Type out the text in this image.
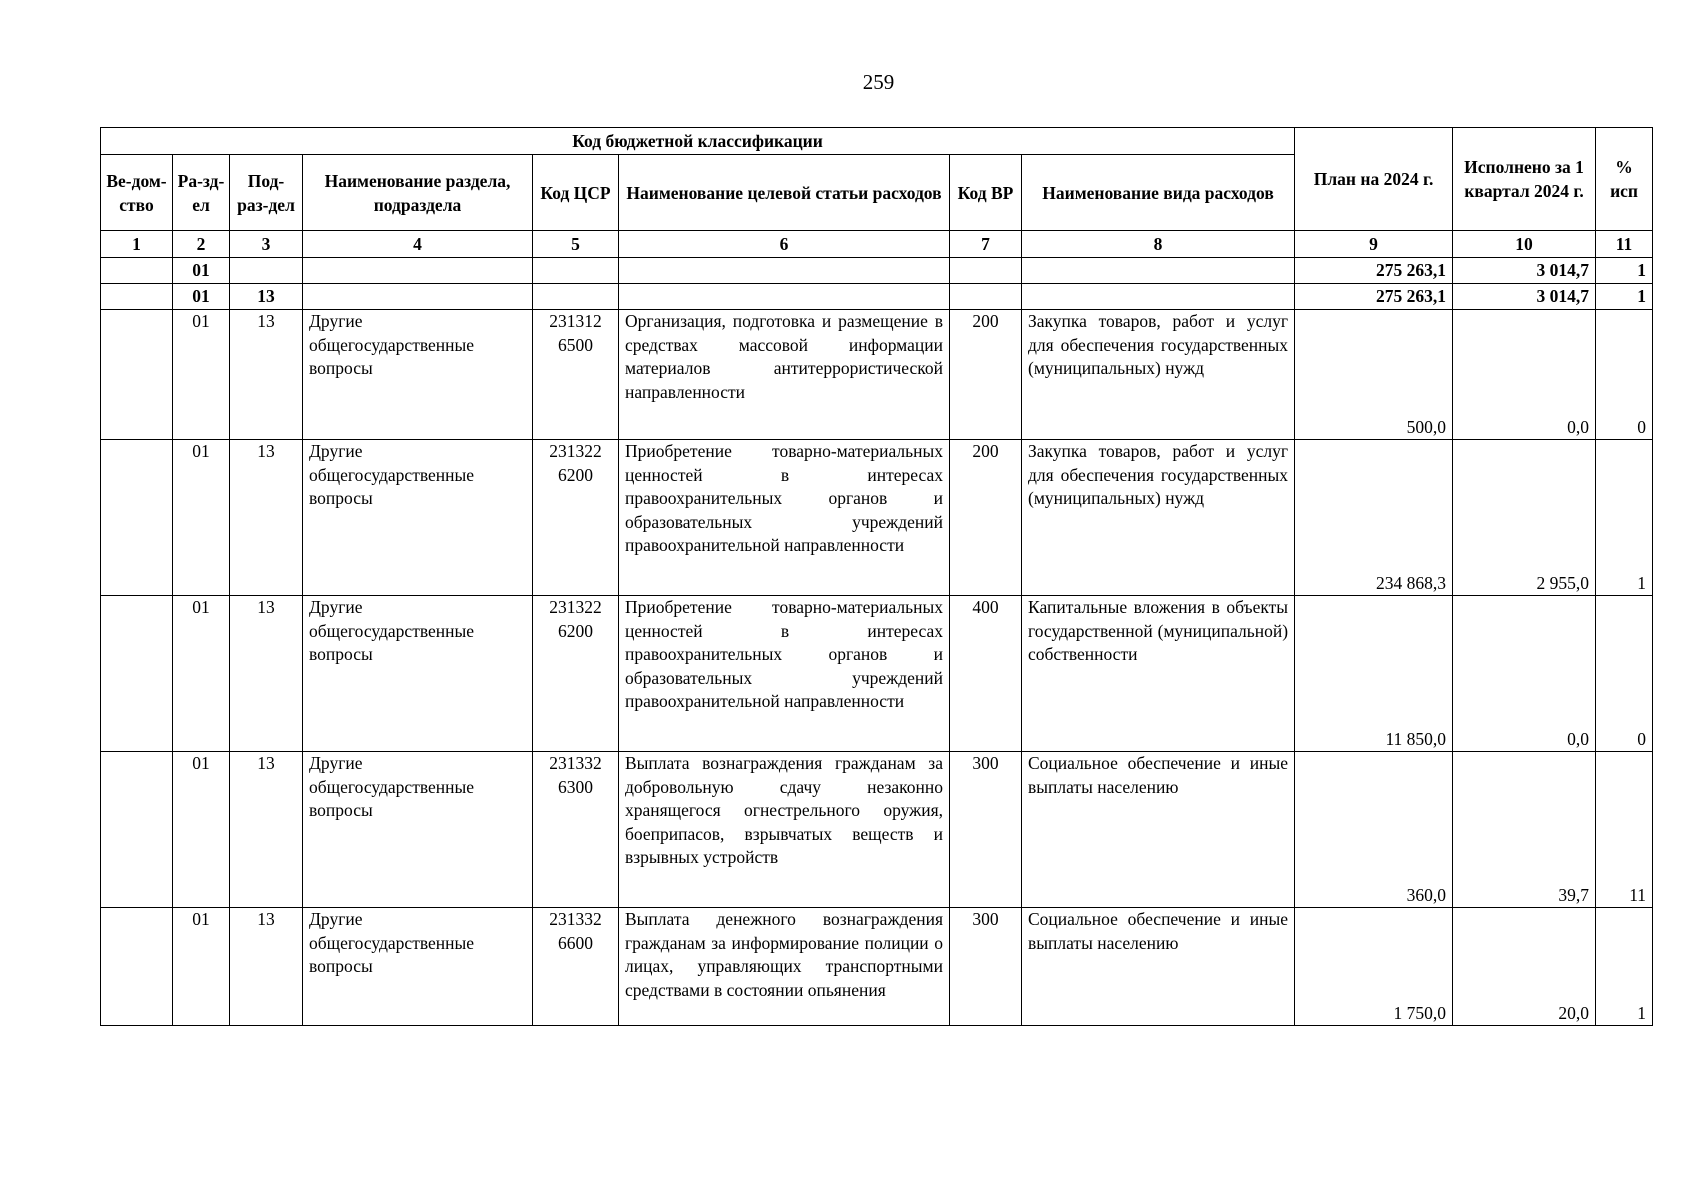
259
Код бюджетной классификации								План на 2024 г.	Исполнено за 1 квартал 2024 г.	% исп
Ве-дом-ство	Ра-зд-ел	Под-раз-дел	Наименование раздела, подраздела	Код ЦСР	Наименование целевой статьи расходов	Код ВР	Наименование вида расходов			
1	2	3	4	5	6	7	8	9	10	11
	01							275 263,1	3 014,7	1
	01	13						275 263,1	3 014,7	1
	01	13	Другие общегосударственные вопросы	231312 6500	Организация, подготовка и размещение в средствах массовой информации материалов антитеррористической направленности	200	Закупка товаров, работ и услуг для обеспечения государственных (муниципальных) нужд	500,0	0,0	0
	01	13	Другие общегосударственные вопросы	231322 6200	Приобретение товарно-материальных ценностей в интересах правоохранительных органов и образовательных учреждений правоохранительной направленности	200	Закупка товаров, работ и услуг для обеспечения государственных (муниципальных) нужд	234 868,3	2 955,0	1
	01	13	Другие общегосударственные вопросы	231322 6200	Приобретение товарно-материальных ценностей в интересах правоохранительных органов и образовательных учреждений правоохранительной направленности	400	Капитальные вложения в объекты государственной (муниципальной) собственности	11 850,0	0,0	0
	01	13	Другие общегосударственные вопросы	231332 6300	Выплата вознаграждения гражданам за добровольную сдачу незаконно хранящегося огнестрельного оружия, боеприпасов, взрывчатых веществ и взрывных устройств	300	Социальное обеспечение и иные выплаты населению	360,0	39,7	11
	01	13	Другие общегосударственные вопросы	231332 6600	Выплата денежного вознаграждения гражданам за информирование полиции о лицах, управляющих транспортными средствами в состоянии опьянения	300	Социальное обеспечение и иные выплаты населению	1 750,0	20,0	1
